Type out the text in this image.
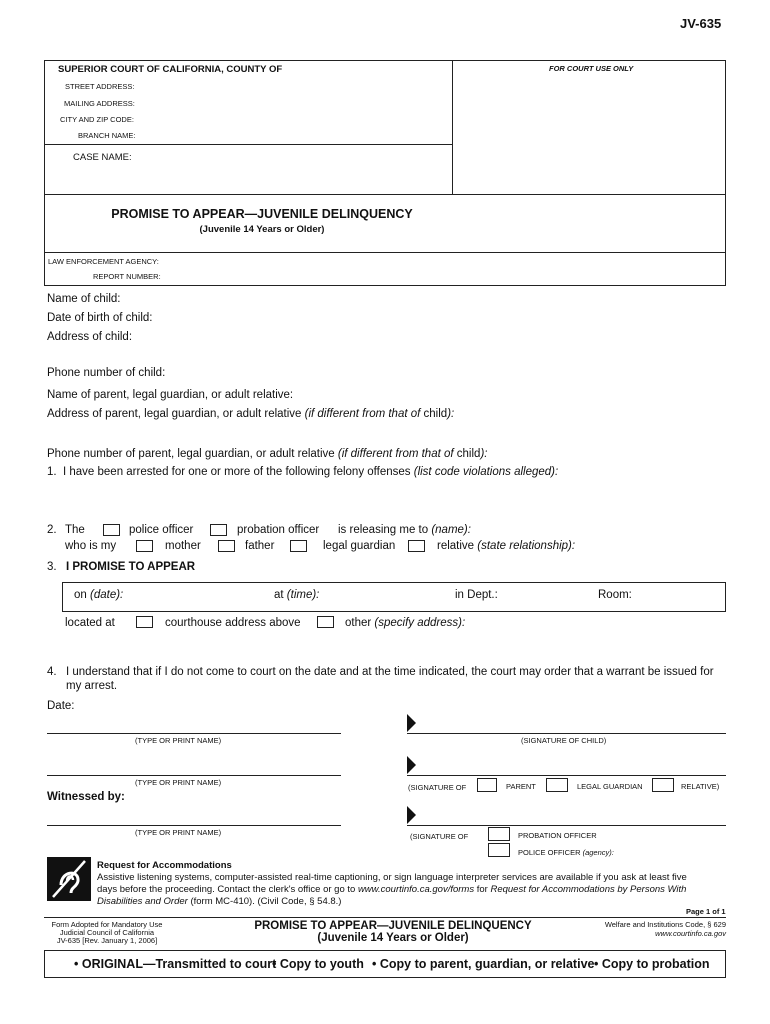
JV-635
SUPERIOR COURT OF CALIFORNIA, COUNTY OF	FOR COURT USE ONLY
STREET ADDRESS:
MAILING ADDRESS:
CITY AND ZIP CODE:
BRANCH NAME:
CASE NAME:
PROMISE TO APPEAR—JUVENILE DELINQUENCY
(Juvenile 14 Years or Older)
LAW ENFORCEMENT AGENCY:
REPORT NUMBER:
Name of child:
Date of birth of child:
Address of child:
Phone number of child:
Name of parent, legal guardian, or adult relative:
Address of parent, legal guardian, or adult relative (if different from that of child):
Phone number of parent, legal guardian, or adult relative (if different from that of child):
1. I have been arrested for one or more of the following felony offenses (list code violations alleged):
2. The	police officer	probation officer is releasing me to (name):
who is my	mother	father	legal guardian	relative (state relationship):
3. I PROMISE TO APPEAR
on (date):	at (time):	in Dept.:	Room:
located at	courthouse address above	other (specify address):
4. I understand that if I do not come to court on the date and at the time indicated, the court may order that a warrant be issued for
my arrest.
Date:
(TYPE OR PRINT NAME)	(SIGNATURE OF CHILD)
(TYPE OR PRINT NAME)
(SIGNATURE OF	PARENT	LEGAL GUARDIAN	RELATIVE)
Witnessed by:
(TYPE OR PRINT NAME)	(SIGNATURE OF	PROBATION OFFICER
POLICE OFFICER (agency):
Request for Accommodations
Assistive listening systems, computer-assisted real-time captioning, or sign language interpreter services are available if you ask at least five
days before the proceeding. Contact the clerk's office or go to www.courtinfo.ca.gov/forms for Request for Accommodations by Persons With
Disabilities and Order (form MC-410). (Civil Code, § 54.8.)
Page 1 of 1
Form Adopted for Mandatory Use
Judicial Council of California
JV-635 [Rev. January 1, 2006]
PROMISE TO APPEAR—JUVENILE DELINQUENCY
(Juvenile 14 Years or Older)
Welfare and Institutions Code, § 629
www.courtinfo.ca.gov
• ORIGINAL—Transmitted to court
• Copy to youth • Copy to parent, guardian, or relative • Copy to probation
